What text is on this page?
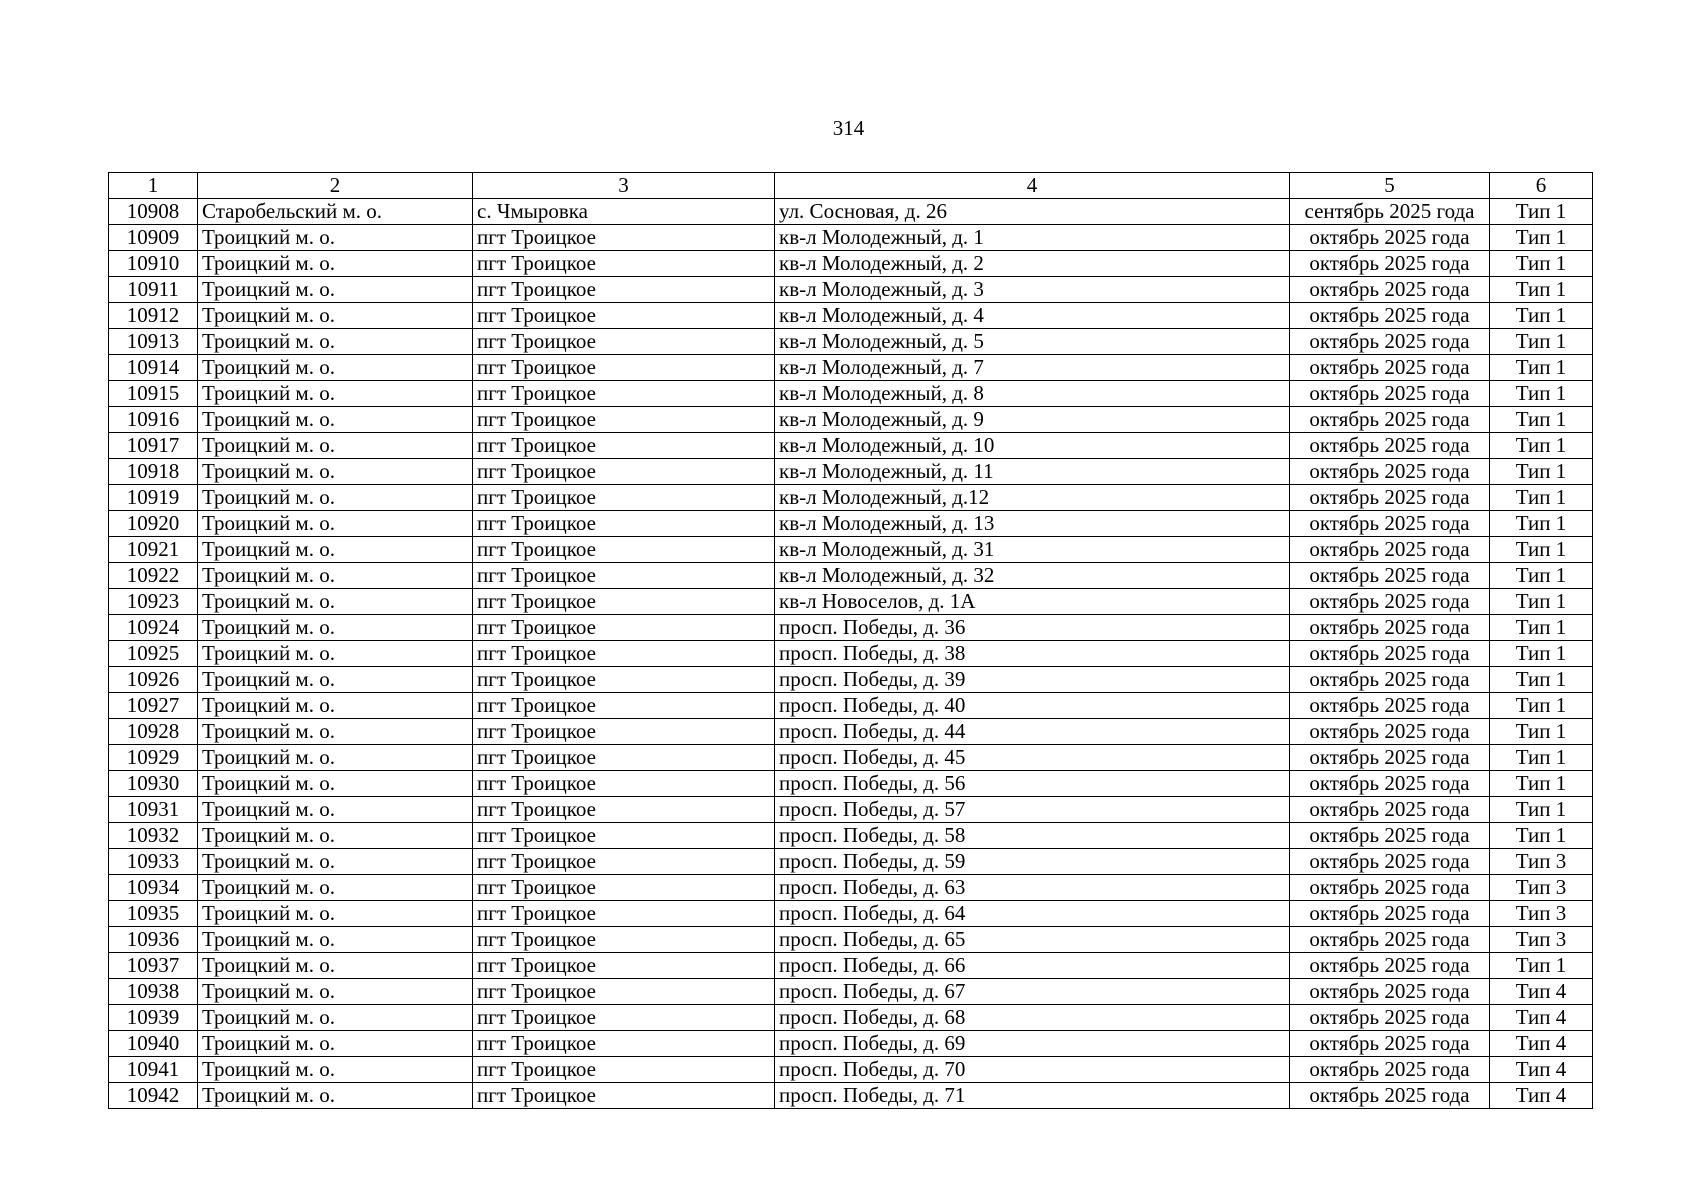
314
1	2	3	4	5	6
10908	Старобельский м. о.	с. Чмыровка	ул. Сосновая, д. 26	сентябрь 2025 года	Тип 1
10909	Троицкий м. о.	пгт Троицкое	кв-л Молодежный, д. 1	октябрь 2025 года	Тип 1
10910	Троицкий м. о.	пгт Троицкое	кв-л Молодежный, д. 2	октябрь 2025 года	Тип 1
10911	Троицкий м. о.	пгт Троицкое	кв-л Молодежный, д. 3	октябрь 2025 года	Тип 1
10912	Троицкий м. о.	пгт Троицкое	кв-л Молодежный, д. 4	октябрь 2025 года	Тип 1
10913	Троицкий м. о.	пгт Троицкое	кв-л Молодежный, д. 5	октябрь 2025 года	Тип 1
10914	Троицкий м. о.	пгт Троицкое	кв-л Молодежный, д. 7	октябрь 2025 года	Тип 1
10915	Троицкий м. о.	пгт Троицкое	кв-л Молодежный, д. 8	октябрь 2025 года	Тип 1
10916	Троицкий м. о.	пгт Троицкое	кв-л Молодежный, д. 9	октябрь 2025 года	Тип 1
10917	Троицкий м. о.	пгт Троицкое	кв-л Молодежный, д. 10	октябрь 2025 года	Тип 1
10918	Троицкий м. о.	пгт Троицкое	кв-л Молодежный, д. 11	октябрь 2025 года	Тип 1
10919	Троицкий м. о.	пгт Троицкое	кв-л Молодежный, д.12	октябрь 2025 года	Тип 1
10920	Троицкий м. о.	пгт Троицкое	кв-л Молодежный, д. 13	октябрь 2025 года	Тип 1
10921	Троицкий м. о.	пгт Троицкое	кв-л Молодежный, д. 31	октябрь 2025 года	Тип 1
10922	Троицкий м. о.	пгт Троицкое	кв-л Молодежный, д. 32	октябрь 2025 года	Тип 1
10923	Троицкий м. о.	пгт Троицкое	кв-л Новоселов, д. 1А	октябрь 2025 года	Тип 1
10924	Троицкий м. о.	пгт Троицкое	просп. Победы, д. 36	октябрь 2025 года	Тип 1
10925	Троицкий м. о.	пгт Троицкое	просп. Победы, д. 38	октябрь 2025 года	Тип 1
10926	Троицкий м. о.	пгт Троицкое	просп. Победы, д. 39	октябрь 2025 года	Тип 1
10927	Троицкий м. о.	пгт Троицкое	просп. Победы, д. 40	октябрь 2025 года	Тип 1
10928	Троицкий м. о.	пгт Троицкое	просп. Победы, д. 44	октябрь 2025 года	Тип 1
10929	Троицкий м. о.	пгт Троицкое	просп. Победы, д. 45	октябрь 2025 года	Тип 1
10930	Троицкий м. о.	пгт Троицкое	просп. Победы, д. 56	октябрь 2025 года	Тип 1
10931	Троицкий м. о.	пгт Троицкое	просп. Победы, д. 57	октябрь 2025 года	Тип 1
10932	Троицкий м. о.	пгт Троицкое	просп. Победы, д. 58	октябрь 2025 года	Тип 1
10933	Троицкий м. о.	пгт Троицкое	просп. Победы, д. 59	октябрь 2025 года	Тип 3
10934	Троицкий м. о.	пгт Троицкое	просп. Победы, д. 63	октябрь 2025 года	Тип 3
10935	Троицкий м. о.	пгт Троицкое	просп. Победы, д. 64	октябрь 2025 года	Тип 3
10936	Троицкий м. о.	пгт Троицкое	просп. Победы, д. 65	октябрь 2025 года	Тип 3
10937	Троицкий м. о.	пгт Троицкое	просп. Победы, д. 66	октябрь 2025 года	Тип 1
10938	Троицкий м. о.	пгт Троицкое	просп. Победы, д. 67	октябрь 2025 года	Тип 4
10939	Троицкий м. о.	пгт Троицкое	просп. Победы, д. 68	октябрь 2025 года	Тип 4
10940	Троицкий м. о.	пгт Троицкое	просп. Победы, д. 69	октябрь 2025 года	Тип 4
10941	Троицкий м. о.	пгт Троицкое	просп. Победы, д. 70	октябрь 2025 года	Тип 4
10942	Троицкий м. о.	пгт Троицкое	просп. Победы, д. 71	октябрь 2025 года	Тип 4
